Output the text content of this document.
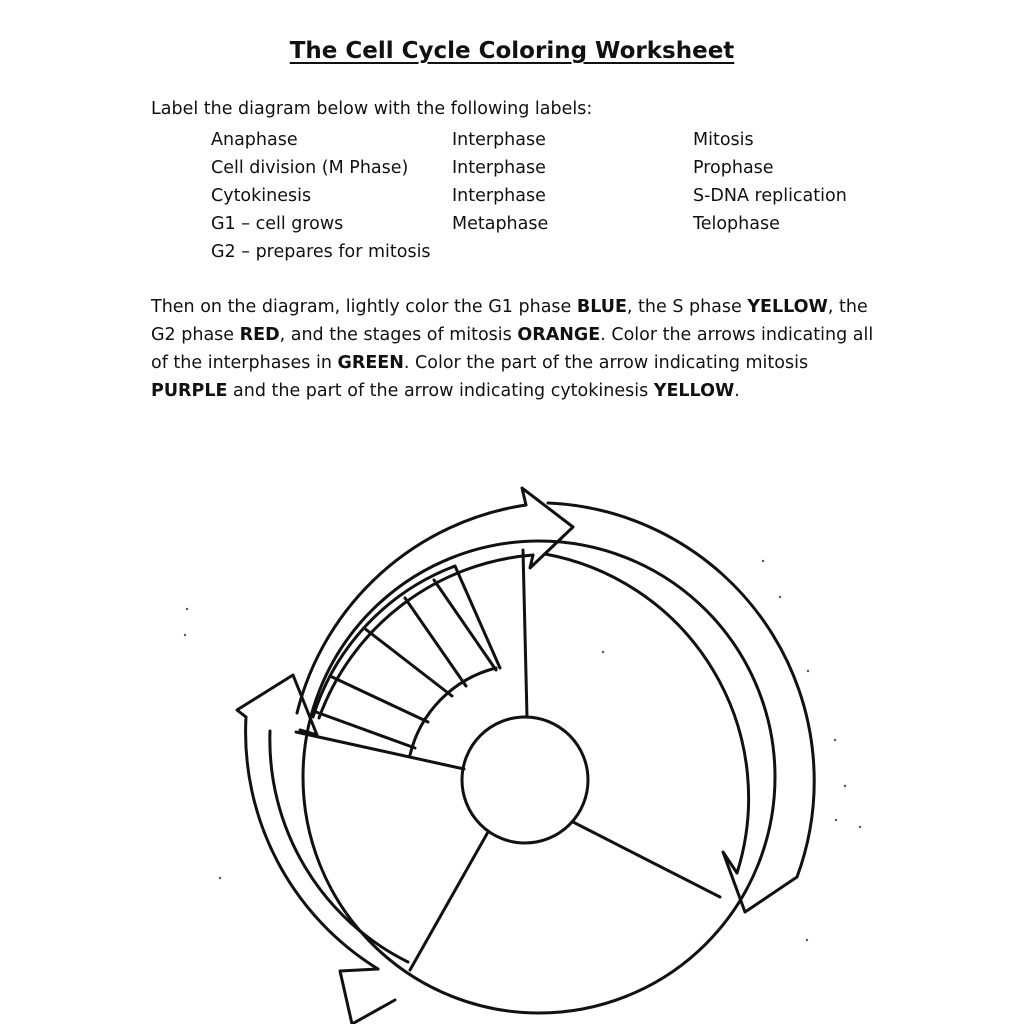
The Cell Cycle Coloring Worksheet

Label the diagram below with the following labels:

Anaphase	Interphase	Mitosis
Cell division (M Phase)	Interphase	Prophase
Cytokinesis	Interphase	S-DNA replication
G1 – cell grows	Metaphase	Telophase
G2 – prepares for mitosis

Then on the diagram, lightly color the G1 phase BLUE, the S phase YELLOW, the G2 phase RED, and the stages of mitosis ORANGE. Color the arrows indicating all of the interphases in GREEN. Color the part of the arrow indicating mitosis PURPLE and the part of the arrow indicating cytokinesis YELLOW.
